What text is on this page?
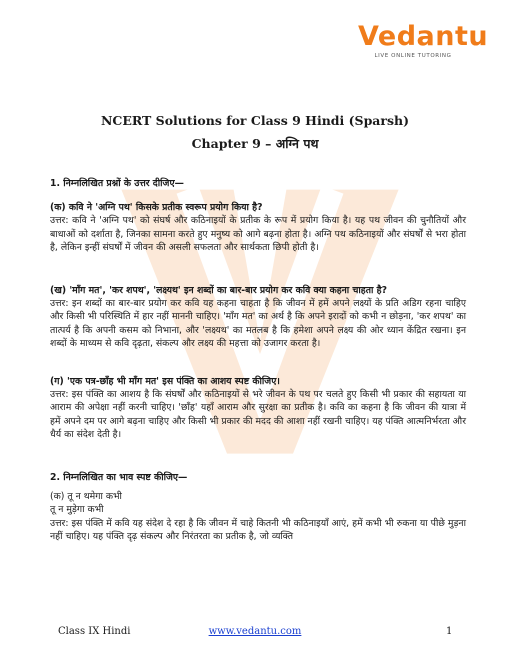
Vedantu
LIVE ONLINE TUTORING
NCERT Solutions for Class 9 Hindi (Sparsh)
Chapter 9 – अग्नि पथ

1. निम्नलिखित प्रश्नों के उत्तर दीजिए—

(क) कवि ने 'अग्नि पथ' किसके प्रतीक स्वरूप प्रयोग किया है?

उत्तर: कवि ने 'अग्नि पथ' को संघर्ष और कठिनाइयों के प्रतीक के रूप में प्रयोग किया है। यह पथ जीवन की चुनौतियों और बाधाओं को दर्शाता है, जिनका सामना करते हुए मनुष्य को आगे बढ़ना होता है। अग्नि पथ कठिनाइयों और संघर्षों से भरा होता है, लेकिन इन्हीं संघर्षों में जीवन की असली सफलता और सार्थकता छिपी होती है।

(ख) 'माँग मत', 'कर शपथ', 'लक्ष्यथ' इन शब्दों का बार-बार प्रयोग कर कवि क्या कहना चाहता है?

उत्तर: इन शब्दों का बार-बार प्रयोग कर कवि यह कहना चाहता है कि जीवन में हमें अपने लक्ष्यों के प्रति अडिग रहना चाहिए और किसी भी परिस्थिति में हार नहीं माननी चाहिए। 'माँग मत' का अर्थ है कि अपने इरादों को कभी न छोड़ना, 'कर शपथ' का तात्पर्य है कि अपनी कसम को निभाना, और 'लक्ष्यथ' का मतलब है कि हमेशा अपने लक्ष्य की ओर ध्यान केंद्रित रखना। इन शब्दों के माध्यम से कवि दृढ़ता, संकल्प और लक्ष्य की महत्ता को उजागर करता है।

(ग) 'एक पत्र-छाँह भी माँग मत' इस पंक्ति का आशय स्पष्ट कीजिए।

उत्तर: इस पंक्ति का आशय है कि संघर्षों और कठिनाइयों से भरे जीवन के पथ पर चलते हुए किसी भी प्रकार की सहायता या आराम की अपेक्षा नहीं करनी चाहिए। 'छाँह' यहाँ आराम और सुरक्षा का प्रतीक है। कवि का कहना है कि जीवन की यात्रा में हमें अपने दम पर आगे बढ़ना चाहिए और किसी भी प्रकार की मदद की आशा नहीं रखनी चाहिए। यह पंक्ति आत्मनिर्भरता और धैर्य का संदेश देती है।

2. निम्नलिखित का भाव स्पष्ट कीजिए—

(क) तू न थमेगा कभी

तू न मुड़ेगा कभी

उत्तर: इस पंक्ति में कवि यह संदेश दे रहा है कि जीवन में चाहे कितनी भी कठिनाइयाँ आएं, हमें कभी भी रुकना या पीछे मुड़ना नहीं चाहिए। यह पंक्ति दृढ़ संकल्प और निरंतरता का प्रतीक है, जो व्यक्ति

Class IX Hindi	www.vedantu.com	1
